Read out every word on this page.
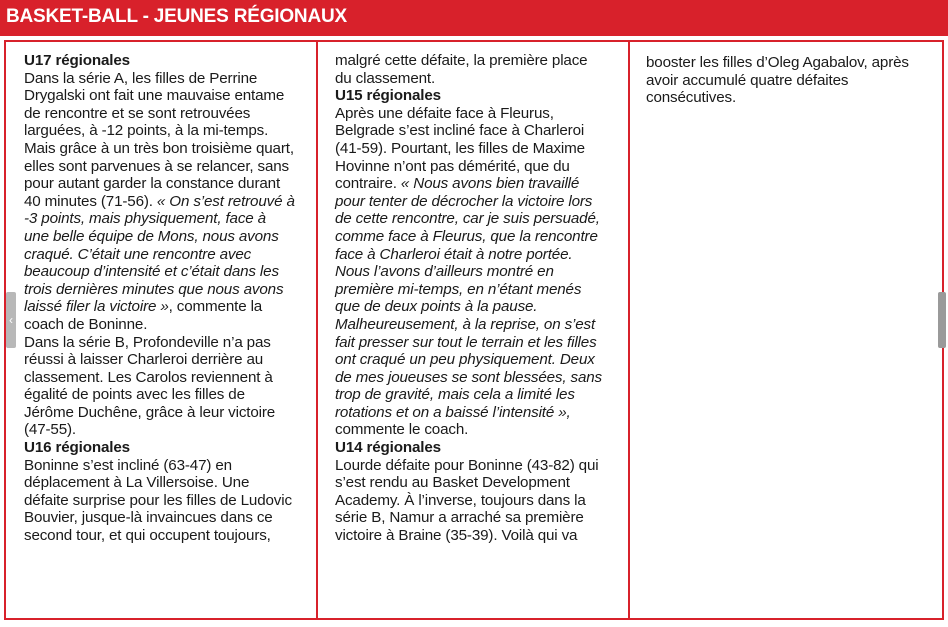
BASKET-BALL - JEUNES RÉGIONAUX

U17 régionales

Dans la série A, les filles de Perrine

Drygalski ont fait une mauvaise entame

de rencontre et se sont retrouvées

larguées, à -12 points, à la mi-temps.

Mais grâce à un très bon troisième quart,

elles sont parvenues à se relancer, sans

pour autant garder la constance durant

40 minutes (71-56). « On s’est retrouvé à

-3 points, mais physiquement, face à

une belle équipe de Mons, nous avons

craqué. C’était une rencontre avec

beaucoup d’intensité et c’était dans les

trois dernières minutes que nous avons

laissé filer la victoire », commente la

coach de Boninne.

Dans la série B, Profondeville n’a pas

réussi à laisser Charleroi derrière au

classement. Les Carolos reviennent à

égalité de points avec les filles de

Jérôme Duchêne, grâce à leur victoire

(47-55).

U16 régionales

Boninne s’est incliné (63-47) en

déplacement à La Villersoise. Une

défaite surprise pour les filles de Ludovic

Bouvier, jusque-là invaincues dans ce

second tour, et qui occupent toujours,

malgré cette défaite, la première place

du classement.

U15 régionales

Après une défaite face à Fleurus,

Belgrade s’est incliné face à Charleroi

(41-59). Pourtant, les filles de Maxime

Hovinne n’ont pas démérité, que du

contraire. « Nous avons bien travaillé

pour tenter de décrocher la victoire lors

de cette rencontre, car je suis persuadé,

comme face à Fleurus, que la rencontre

face à Charleroi était à notre portée.

Nous l’avons d’ailleurs montré en

première mi-temps, en n’étant menés

que de deux points à la pause.

Malheureusement, à la reprise, on s’est

fait presser sur tout le terrain et les filles

ont craqué un peu physiquement. Deux

de mes joueuses se sont blessées, sans

trop de gravité, mais cela a limité les

rotations et on a baissé l’intensité »,

commente le coach.

U14 régionales

Lourde défaite pour Boninne (43-82) qui

s’est rendu au Basket Development

Academy. À l’inverse, toujours dans la

série B, Namur a arraché sa première

victoire à Braine (35-39). Voilà qui va

booster les filles d’Oleg Agabalov, après

avoir accumulé quatre défaites

consécutives.

‹
